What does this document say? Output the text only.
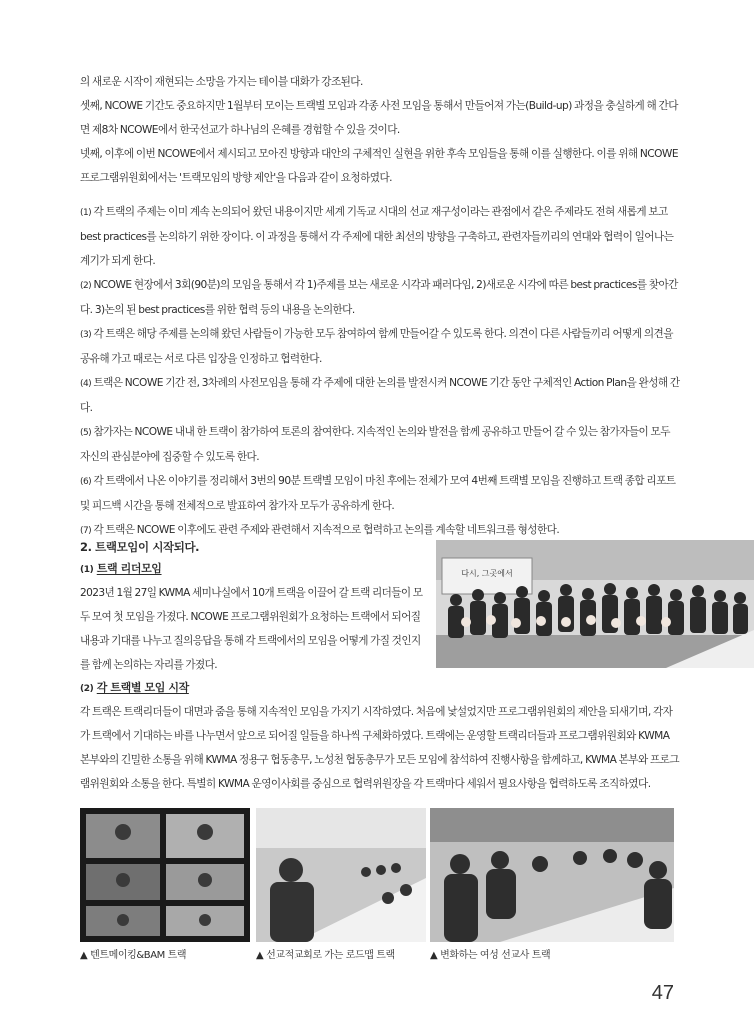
의 새로운 시작이 재현되는 소망을 가지는 테이블 대화가 강조된다.

셋째, NCOWE 기간도 중요하지만 1월부터 모이는 트랙별 모임과 각종 사전 모임을 통해서 만들어져 가는(Build-up) 과정을 충실하게 해 간다면 제8차 NCOWE에서 한국선교가 하나님의 은혜를 경험할 수 있을 것이다.

넷째, 이후에 이번 NCOWE에서 제시되고 모아진 방향과 대안의 구체적인 실현을 위한 후속 모임들을 통해 이를 실행한다. 이를 위해 NCOWE 프로그램위원회에서는 '트랙모임의 방향 제안'을 다음과 같이 요청하였다.

(1) 각 트랙의 주제는 이미 계속 논의되어 왔던 내용이지만 세계 기독교 시대의 선교 재구성이라는 관점에서 같은 주제라도 전혀 새롭게 보고 best practices를 논의하기 위한 장이다. 이 과정을 통해서 각 주제에 대한 최선의 방향을 구축하고, 관련자들끼리의 연대와 협력이 일어나는 계기가 되게 한다.
(2) NCOWE 현장에서 3회(90분)의 모임을 통해서 각 1)주제를 보는 새로운 시각과 패러다임, 2)새로운 시각에 따른 best practices를 찾아간다. 3)논의 된 best practices를 위한 협력 등의 내용을 논의한다.
(3) 각 트랙은 해당 주제를 논의해 왔던 사람들이 가능한 모두 참여하여 함께 만들어갈 수 있도록 한다. 의견이 다른 사람들끼리 어떻게 의견을 공유해 가고 때로는 서로 다른 입장을 인정하고 협력한다.
(4) 트랙은 NCOWE 기간 전, 3차례의 사전모임을 통해 각 주제에 대한 논의를 발전시켜 NCOWE 기간 동안 구체적인 Action Plan을 완성해 간다.
(5) 참가자는 NCOWE 내내 한 트랙이 참가하여 토론의 참여한다. 지속적인 논의와 발전을 함께 공유하고 만들어 갈 수 있는 참가자들이 모두 자신의 관심분야에 집중할 수 있도록 한다.
(6) 각 트랙에서 나온 이야기를 정리해서 3번의 90분 트랙별 모임이 마친 후에는 전체가 모여 4번째 트랙별 모임을 진행하고 트랙 종합 리포트 및 피드백 시간을 통해 전체적으로 발표하여 참가자 모두가 공유하게 한다.
(7) 각 트랙은 NCOWE 이후에도 관련 주제와 관련해서 지속적으로 협력하고 논의를 계속할 네트워크를 형성한다.

2. 트랙모임이 시작되다.

(1) 트랙 리더모임

2023년 1월 27일 KWMA 세미나실에서 10개 트랙을 이끌어 갈 트랙 리더들이 모두 모여 첫 모임을 가졌다. NCOWE 프로그램위원회가 요청하는 트랙에서 되어질 내용과 기대를 나누고 질의응답을 통해 각 트랙에서의 모임을 어떻게 가질 것인지를 함께 논의하는 자리를 가졌다.

(2) 각 트랙별 모임 시작

각 트랙은 트랙리더들이 대면과 줌을 통해 지속적인 모임을 가지기 시작하였다. 처음에 낯설었지만 프로그램위원회의 제안을 되새기며, 각자가 트랙에서 기대하는 바를 나누면서 앞으로 되어질 일들을 하나씩 구체화하였다. 트랙에는 운영할 트랙리더들과 프로그램위원회와 KWMA 본부와의 긴밀한 소통을 위해 KWMA 정용구 협동총무, 노성천 협동총무가 모든 모임에 참석하여 진행사항을 함께하고, KWMA 본부와 프로그램위원회와 소통을 한다. 특별히 KWMA 운영이사회를 중심으로 협력위원장을 각 트랙마다 세워서 필요사항을 협력하도록 조직하였다.

다시, 그곳에서
▲ 텐트메이킹&BAM 트랙	▲ 선교적교회로 가는 로드맵 트랙	▲ 변화하는 여성 선교사 트랙
47
